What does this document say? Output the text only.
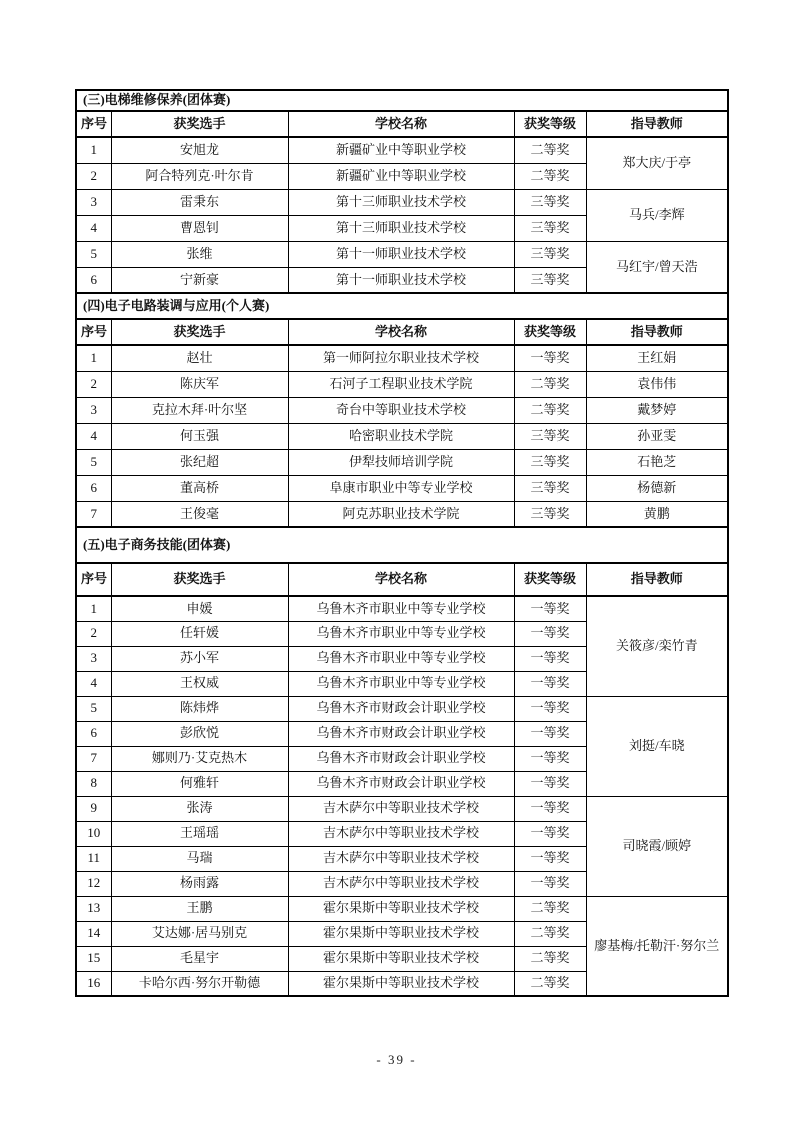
(三)电梯维修保养(团体赛)				
序号	获奖选手	学校名称	获奖等级	指导教师
1	安旭龙	新疆矿业中等职业学校	二等奖	郑大庆/于亭
2	阿合特列克·叶尔肯	新疆矿业中等职业学校	二等奖	
3	雷秉东	第十三师职业技术学校	三等奖	马兵/李辉
4	曹恩钊	第十三师职业技术学校	三等奖	
5	张维	第十一师职业技术学校	三等奖	马红宇/曾天浩
6	宁新豪	第十一师职业技术学校	三等奖	
(四)电子电路装调与应用(个人赛)				
序号	获奖选手	学校名称	获奖等级	指导教师
1	赵壮	第一师阿拉尔职业技术学校	一等奖	王红娟
2	陈庆军	石河子工程职业技术学院	二等奖	袁伟伟
3	克拉木拜·叶尔坚	奇台中等职业技术学校	二等奖	戴梦婷
4	何玉强	哈密职业技术学院	三等奖	孙亚雯
5	张纪超	伊犁技师培训学院	三等奖	石艳芝
6	董高桥	阜康市职业中等专业学校	三等奖	杨德新
7	王俊毫	阿克苏职业技术学院	三等奖	黄鹏
(五)电子商务技能(团体赛)				
序号	获奖选手	学校名称	获奖等级	指导教师
1	申媛	乌鲁木齐市职业中等专业学校	一等奖	关筱彦/栾竹青
2	任轩媛	乌鲁木齐市职业中等专业学校	一等奖	
3	苏小军	乌鲁木齐市职业中等专业学校	一等奖	
4	王权威	乌鲁木齐市职业中等专业学校	一等奖	
5	陈炜烨	乌鲁木齐市财政会计职业学校	一等奖	刘挺/车晓
6	彭欣悦	乌鲁木齐市财政会计职业学校	一等奖	
7	娜则乃·艾克热木	乌鲁木齐市财政会计职业学校	一等奖	
8	何雅轩	乌鲁木齐市财政会计职业学校	一等奖	
9	张涛	吉木萨尔中等职业技术学校	一等奖	司晓霞/顾婷
10	王瑶瑶	吉木萨尔中等职业技术学校	一等奖	
11	马瑞	吉木萨尔中等职业技术学校	一等奖	
12	杨雨露	吉木萨尔中等职业技术学校	一等奖	
13	王鹏	霍尔果斯中等职业技术学校	二等奖	廖基梅/托勒汗·努尔兰
14	艾达娜·居马别克	霍尔果斯中等职业技术学校	二等奖	
15	毛星宇	霍尔果斯中等职业技术学校	二等奖	
16	卡哈尔西·努尔开勒德	霍尔果斯中等职业技术学校	二等奖	
- 39 -
